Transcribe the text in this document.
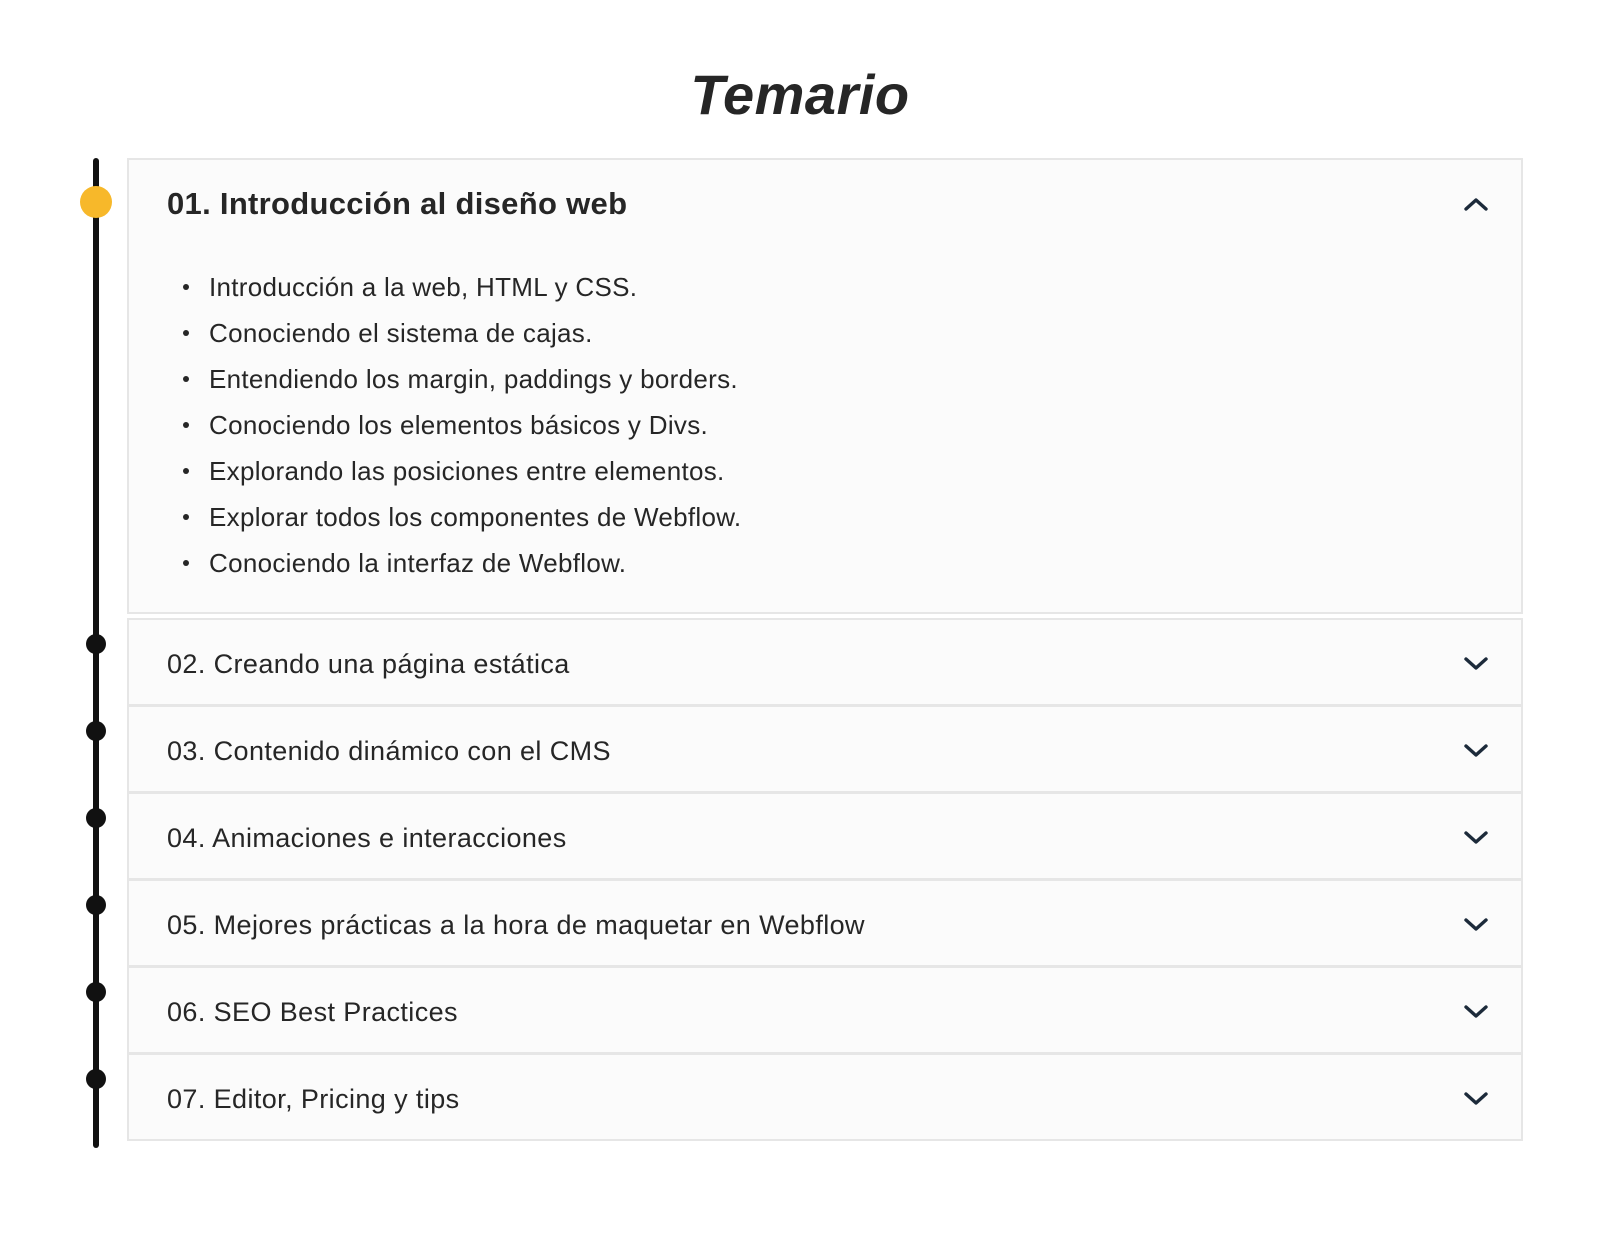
Temario
01. Introducción al diseño web
Introducción a la web, HTML y CSS.
Conociendo el sistema de cajas.
Entendiendo los margin, paddings y borders.
Conociendo los elementos básicos y Divs.
Explorando las posiciones entre elementos.
Explorar todos los componentes de Webflow.
Conociendo la interfaz de Webflow.
02. Creando una página estática
03. Contenido dinámico con el CMS
04. Animaciones e interacciones
05. Mejores prácticas a la hora de maquetar en Webflow
06. SEO Best Practices
07. Editor, Pricing y tips
